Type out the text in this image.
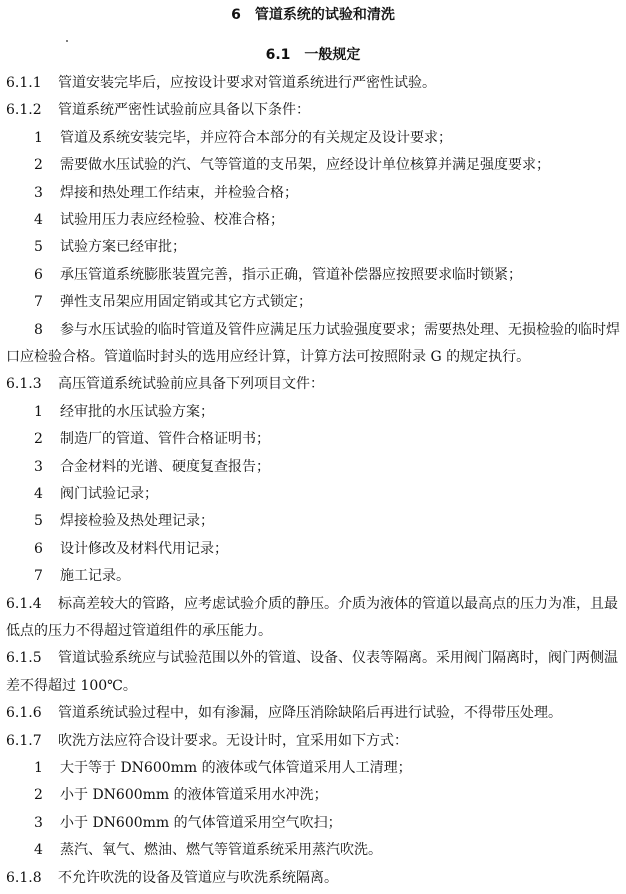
6 管道系统的试验和清洗
6.1 一般规定
6.1.1 管道安装完毕后，应按设计要求对管道系统进行严密性试验。
6.1.2 管道系统严密性试验前应具备以下条件：
1 管道及系统安装完毕，并应符合本部分的有关规定及设计要求；
2 需要做水压试验的汽、气等管道的支吊架，应经设计单位核算并满足强度要求；
3 焊接和热处理工作结束，并检验合格；
4 试验用压力表应经检验、校准合格；
5 试验方案已经审批；
6 承压管道系统膨胀装置完善，指示正确，管道补偿器应按照要求临时锁紧；
7 弹性支吊架应用固定销或其它方式锁定；
8 参与水压试验的临时管道及管件应满足压力试验强度要求；需要热处理、无损检验的临时焊
口应检验合格。管道临时封头的选用应经计算，计算方法可按照附录 G 的规定执行。
6.1.3 高压管道系统试验前应具备下列项目文件：
1 经审批的水压试验方案；
2 制造厂的管道、管件合格证明书；
3 合金材料的光谱、硬度复查报告；
4 阀门试验记录；
5 焊接检验及热处理记录；
6 设计修改及材料代用记录；
7 施工记录。
6.1.4 标高差较大的管路，应考虑试验介质的静压。介质为液体的管道以最高点的压力为准，且最
低点的压力不得超过管道组件的承压能力。
6.1.5 管道试验系统应与试验范围以外的管道、设备、仪表等隔离。采用阀门隔离时，阀门两侧温
差不得超过 100℃。
6.1.6 管道系统试验过程中，如有渗漏，应降压消除缺陷后再进行试验，不得带压处理。
6.1.7 吹洗方法应符合设计要求。无设计时，宜采用如下方式：
1 大于等于 DN600mm 的液体或气体管道采用人工清理；
2 小于 DN600mm 的液体管道采用水冲洗；
3 小于 DN600mm 的气体管道采用空气吹扫；
4 蒸汽、氧气、燃油、燃气等管道系统采用蒸汽吹洗。
6.1.8 不允许吹洗的设备及管道应与吹洗系统隔离。
